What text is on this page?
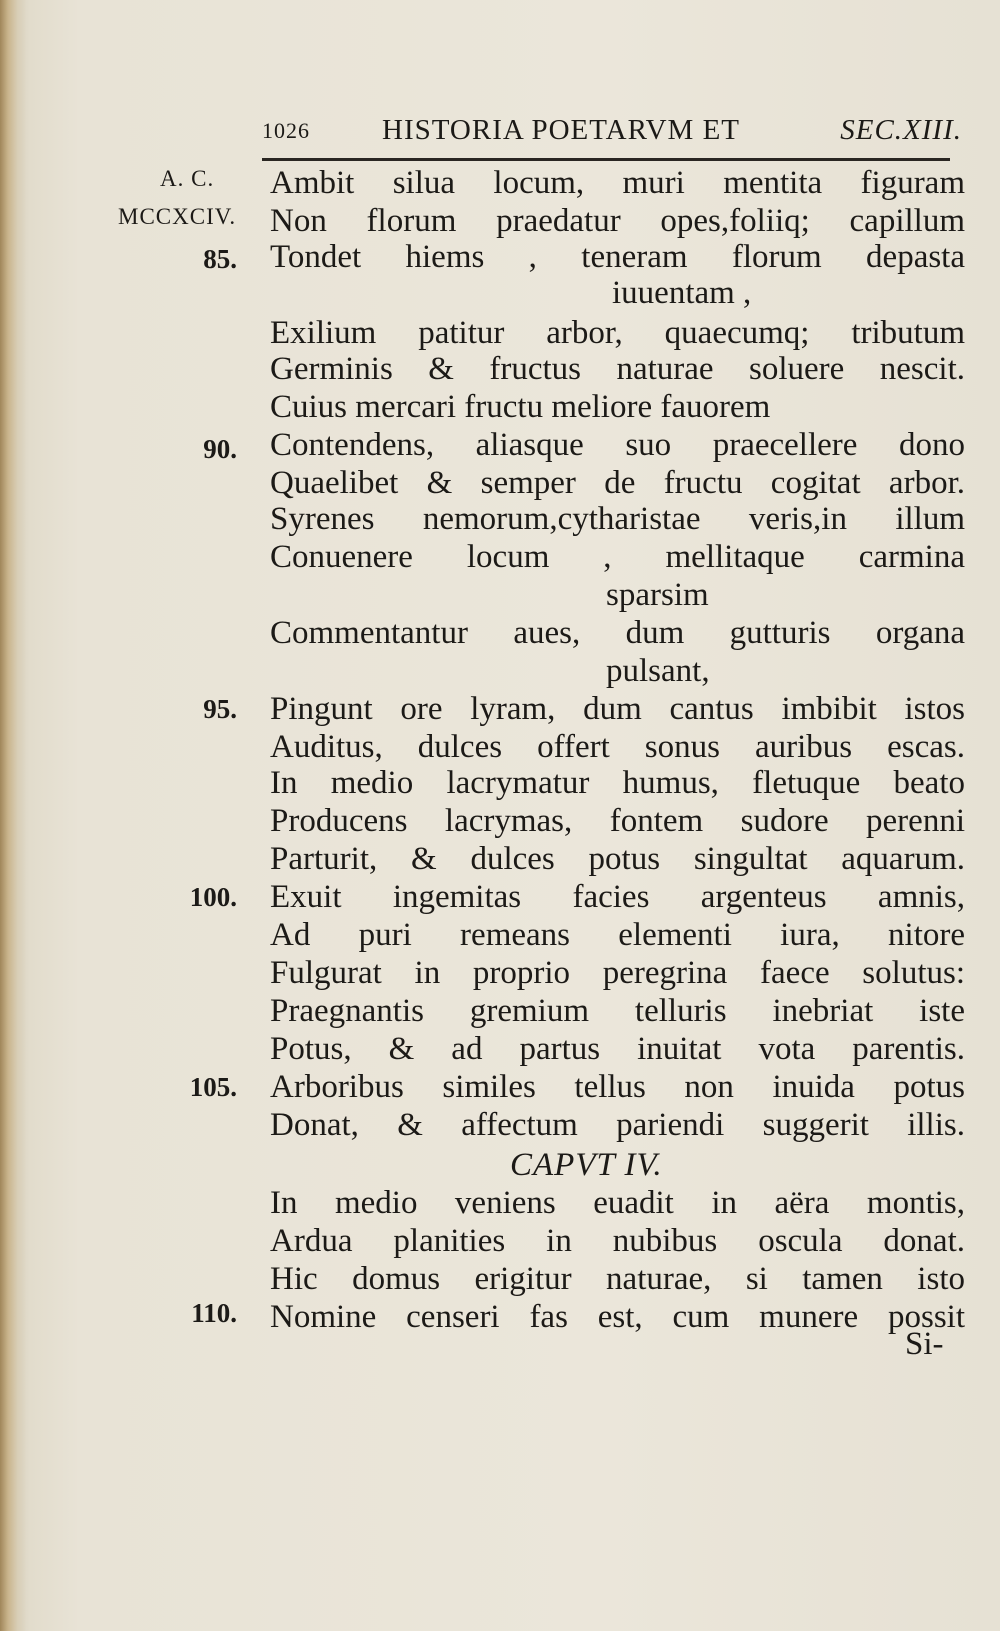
1026 HISTORIA POETARVM ET	SEC.XIII.
A. C.
MCCXCIV.
85.
90.
95.
100.
105.
110.
Ambit silua locum, muri mentita figuram
Non florum praedatur opes,foliiq; capillum
Tondet hiems , teneram florum depasta
iuuentam ,
Exilium patitur arbor, quaecumq; tributum
Germinis & fructus naturae soluere nescit.
Cuius mercari fructu meliore fauorem
Contendens, aliasque suo praecellere dono
Quaelibet & semper de fructu cogitat arbor.
Syrenes nemorum,cytharistae veris,in illum
Conuenere locum , mellitaque carmina
sparsim
Commentantur aues, dum gutturis organa
pulsant,
Pingunt ore lyram, dum cantus imbibit istos
Auditus, dulces offert sonus auribus escas.
In medio lacrymatur humus, fletuque beato
Producens lacrymas, fontem sudore perenni
Parturit, & dulces potus singultat aquarum.
Exuit ingemitas facies argenteus amnis,
Ad puri remeans elementi iura, nitore
Fulgurat in proprio peregrina faece solutus:
Praegnantis gremium telluris inebriat iste
Potus, & ad partus inuitat vota parentis.
Arboribus similes tellus non inuida potus
Donat, & affectum pariendi suggerit illis.
CAPVT IV.
In medio veniens euadit in aëra montis,
Ardua planities in nubibus oscula donat.
Hic domus erigitur naturae, si tamen isto
Nomine censeri fas est, cum munere possit
Si-
